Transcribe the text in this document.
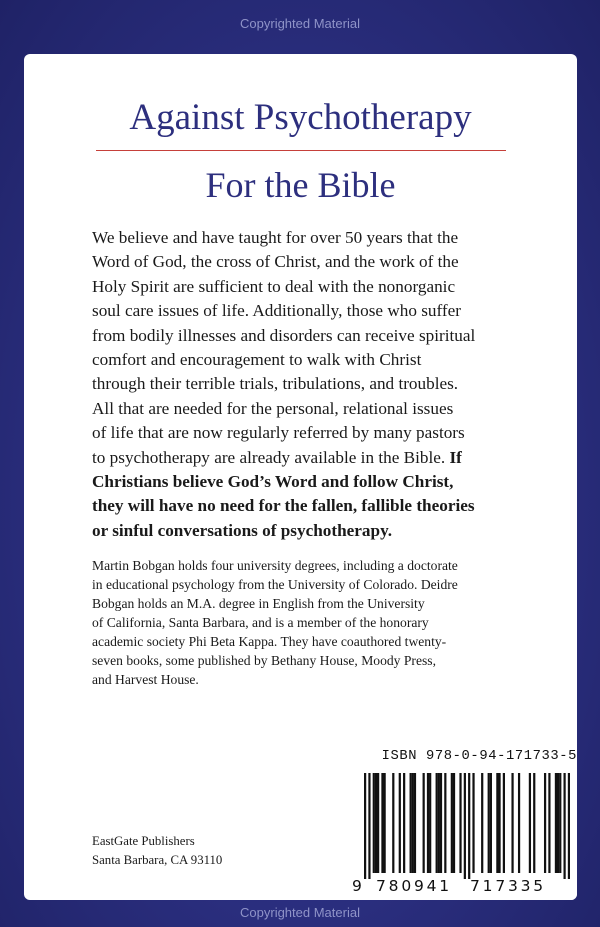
Copyrighted Material
Against Psychotherapy
For the Bible

We believe and have taught for over 50 years that the
Word of God, the cross of Christ, and the work of the
Holy Spirit are sufficient to deal with the nonorganic
soul care issues of life. Additionally, those who suffer
from bodily illnesses and disorders can receive spiritual
comfort and encouragement to walk with Christ
through their terrible trials, tribulations, and troubles.
All that are needed for the personal, relational issues
of life that are now regularly referred by many pastors
to psychotherapy are already available in the Bible. If
Christians believe God’s Word and follow Christ,
they will have no need for the fallen, fallible theories
or sinful conversations of psychotherapy.

Martin Bobgan holds four university degrees, including a doctorate
in educational psychology from the University of Colorado. Deidre
Bobgan holds an M.A. degree in English from the University
of California, Santa Barbara, and is a member of the honorary
academic society Phi Beta Kappa. They have coauthored twenty-
seven books, some published by Bethany House, Moody Press,
and Harvest House.

EastGate Publishers
Santa Barbara, CA 93110
ISBN 978-0-94-171733-5
9 780941 717335
Copyrighted Material
